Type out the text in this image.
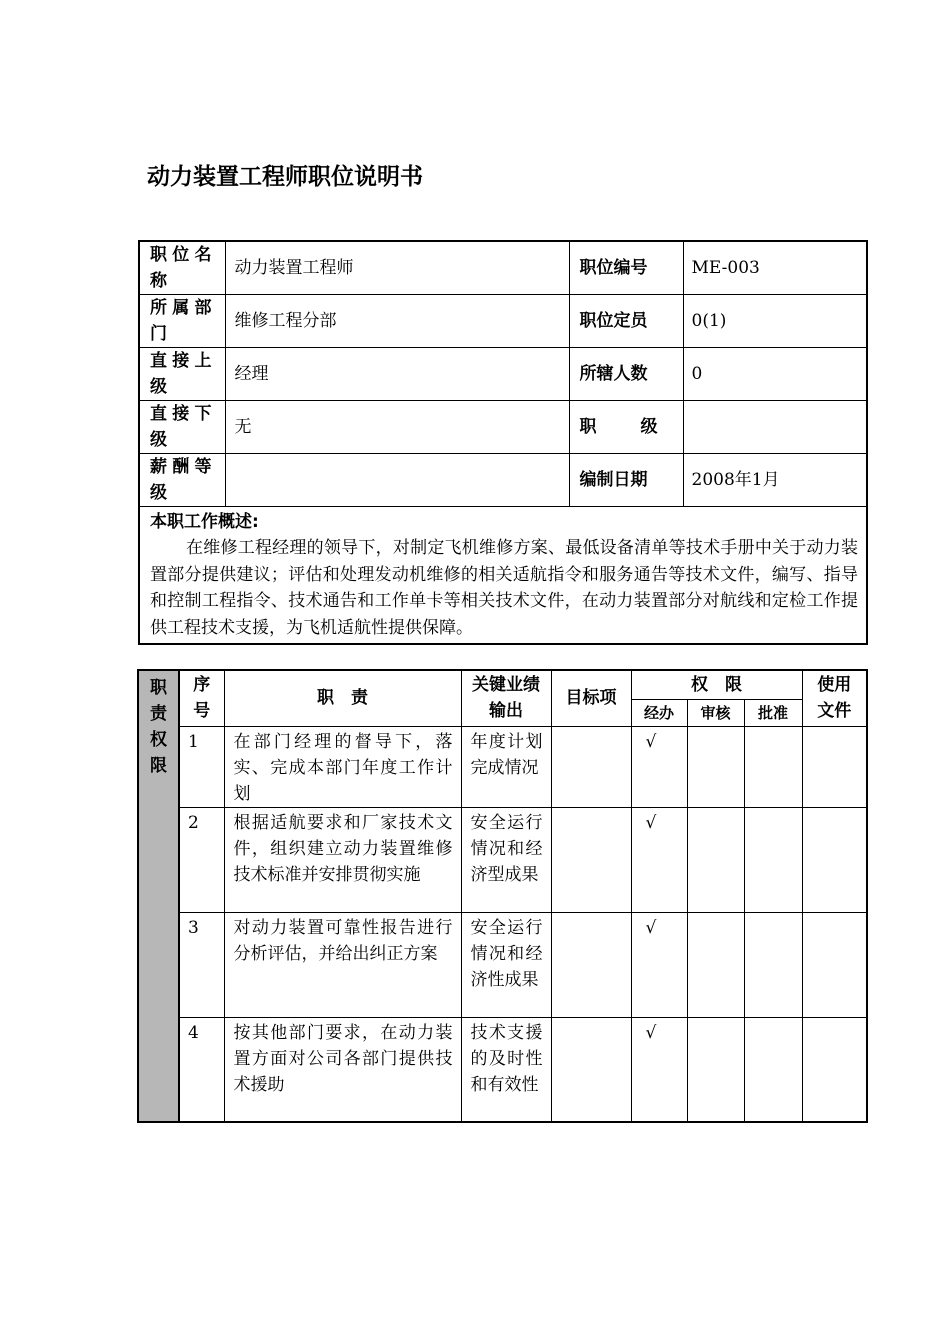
动力装置工程师职位说明书
职位名称	动力装置工程师	职位编号	ME-003
所属部门	维修工程分部	职位定员	0(1)
直接上级	经理	所辖人数	0
直接下级	无	职 级	

薪酬等级		编制日期	2008年1月

本职工作概述:
在维修工程经理的领导下，对制定飞机维修方案、最低设备清单等技术手册中关于动力装置部分提供建议；评估和处理发动机维修的相关适航指令和服务通告等技术文件，编写、指导和控制工程指令、技术通告和工作单卡等相关技术文件，在动力装置部分对航线和定检工作提供工程技术支援，为飞机适航性提供保障。			
职责权限	序号	职　责	关键业绩输出	目标项	权　限			使用文件

					经办	审核	批准	
	1	在部门经理的督导下，落实、完成本部门年度工作计划	年度计划完成情况		√			
	2	根据适航要求和厂家技术文件，组织建立动力装置维修技术标准并安排贯彻实施	安全运行情况和经济型成果		√			
	3	对动力装置可靠性报告进行分析评估，并给出纠正方案	安全运行情况和经济性成果		√			
	4	按其他部门要求，在动力装置方面对公司各部门提供技术援助	技术支援的及时性和有效性		√			
